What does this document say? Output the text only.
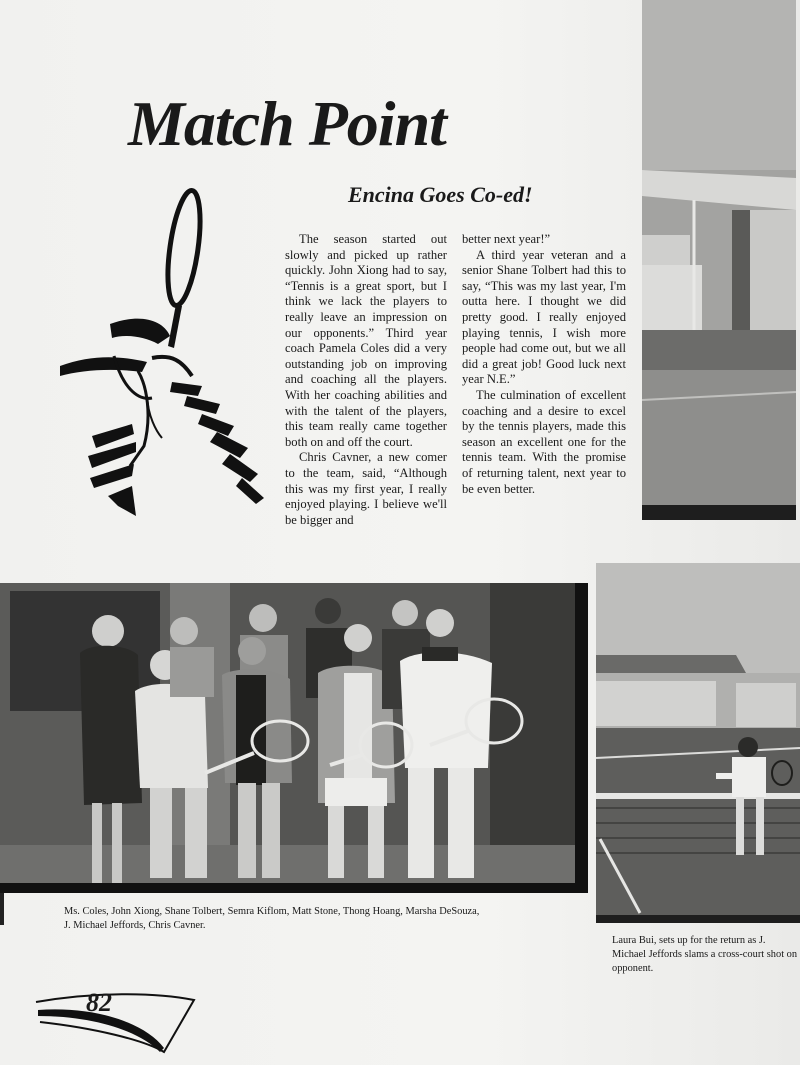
Match Point
Encina Goes Co-ed!

The season started out slowly and picked up rather quickly. John Xiong had to say, “Tennis is a great sport, but I think we lack the players to really leave an impression on our opponents.” Third year coach Pamela Coles did a very outstanding job on improving and coaching all the players. With her coaching abilities and with the talent of the players, this team really came together both on and off the court.

Chris Cavner, a new comer to the team, said, “Although this was my first year, I really enjoyed playing. I believe we'll be bigger and

better next year!”

A third year veteran and a senior Shane Tolbert had this to say, “This was my last year, I'm outta here. I thought we did pretty good. I really enjoyed playing tennis, I wish more people had come out, but we all did a great job! Good luck next year N.E.”

The culmination of excellent coaching and a desire to excel by the tennis players, made this season an excellent one for the tennis team. With the promise of returning talent, next year to be even better.

Ms. Coles, John Xiong, Shane Tolbert, Semra Kiflom, Matt Stone, Thong Hoang, Marsha DeSouza, J. Michael Jeffords, Chris Cavner.
Laura Bui, sets up for the return as J. Michael Jeffords slams a cross-court shot on opponent.
82
